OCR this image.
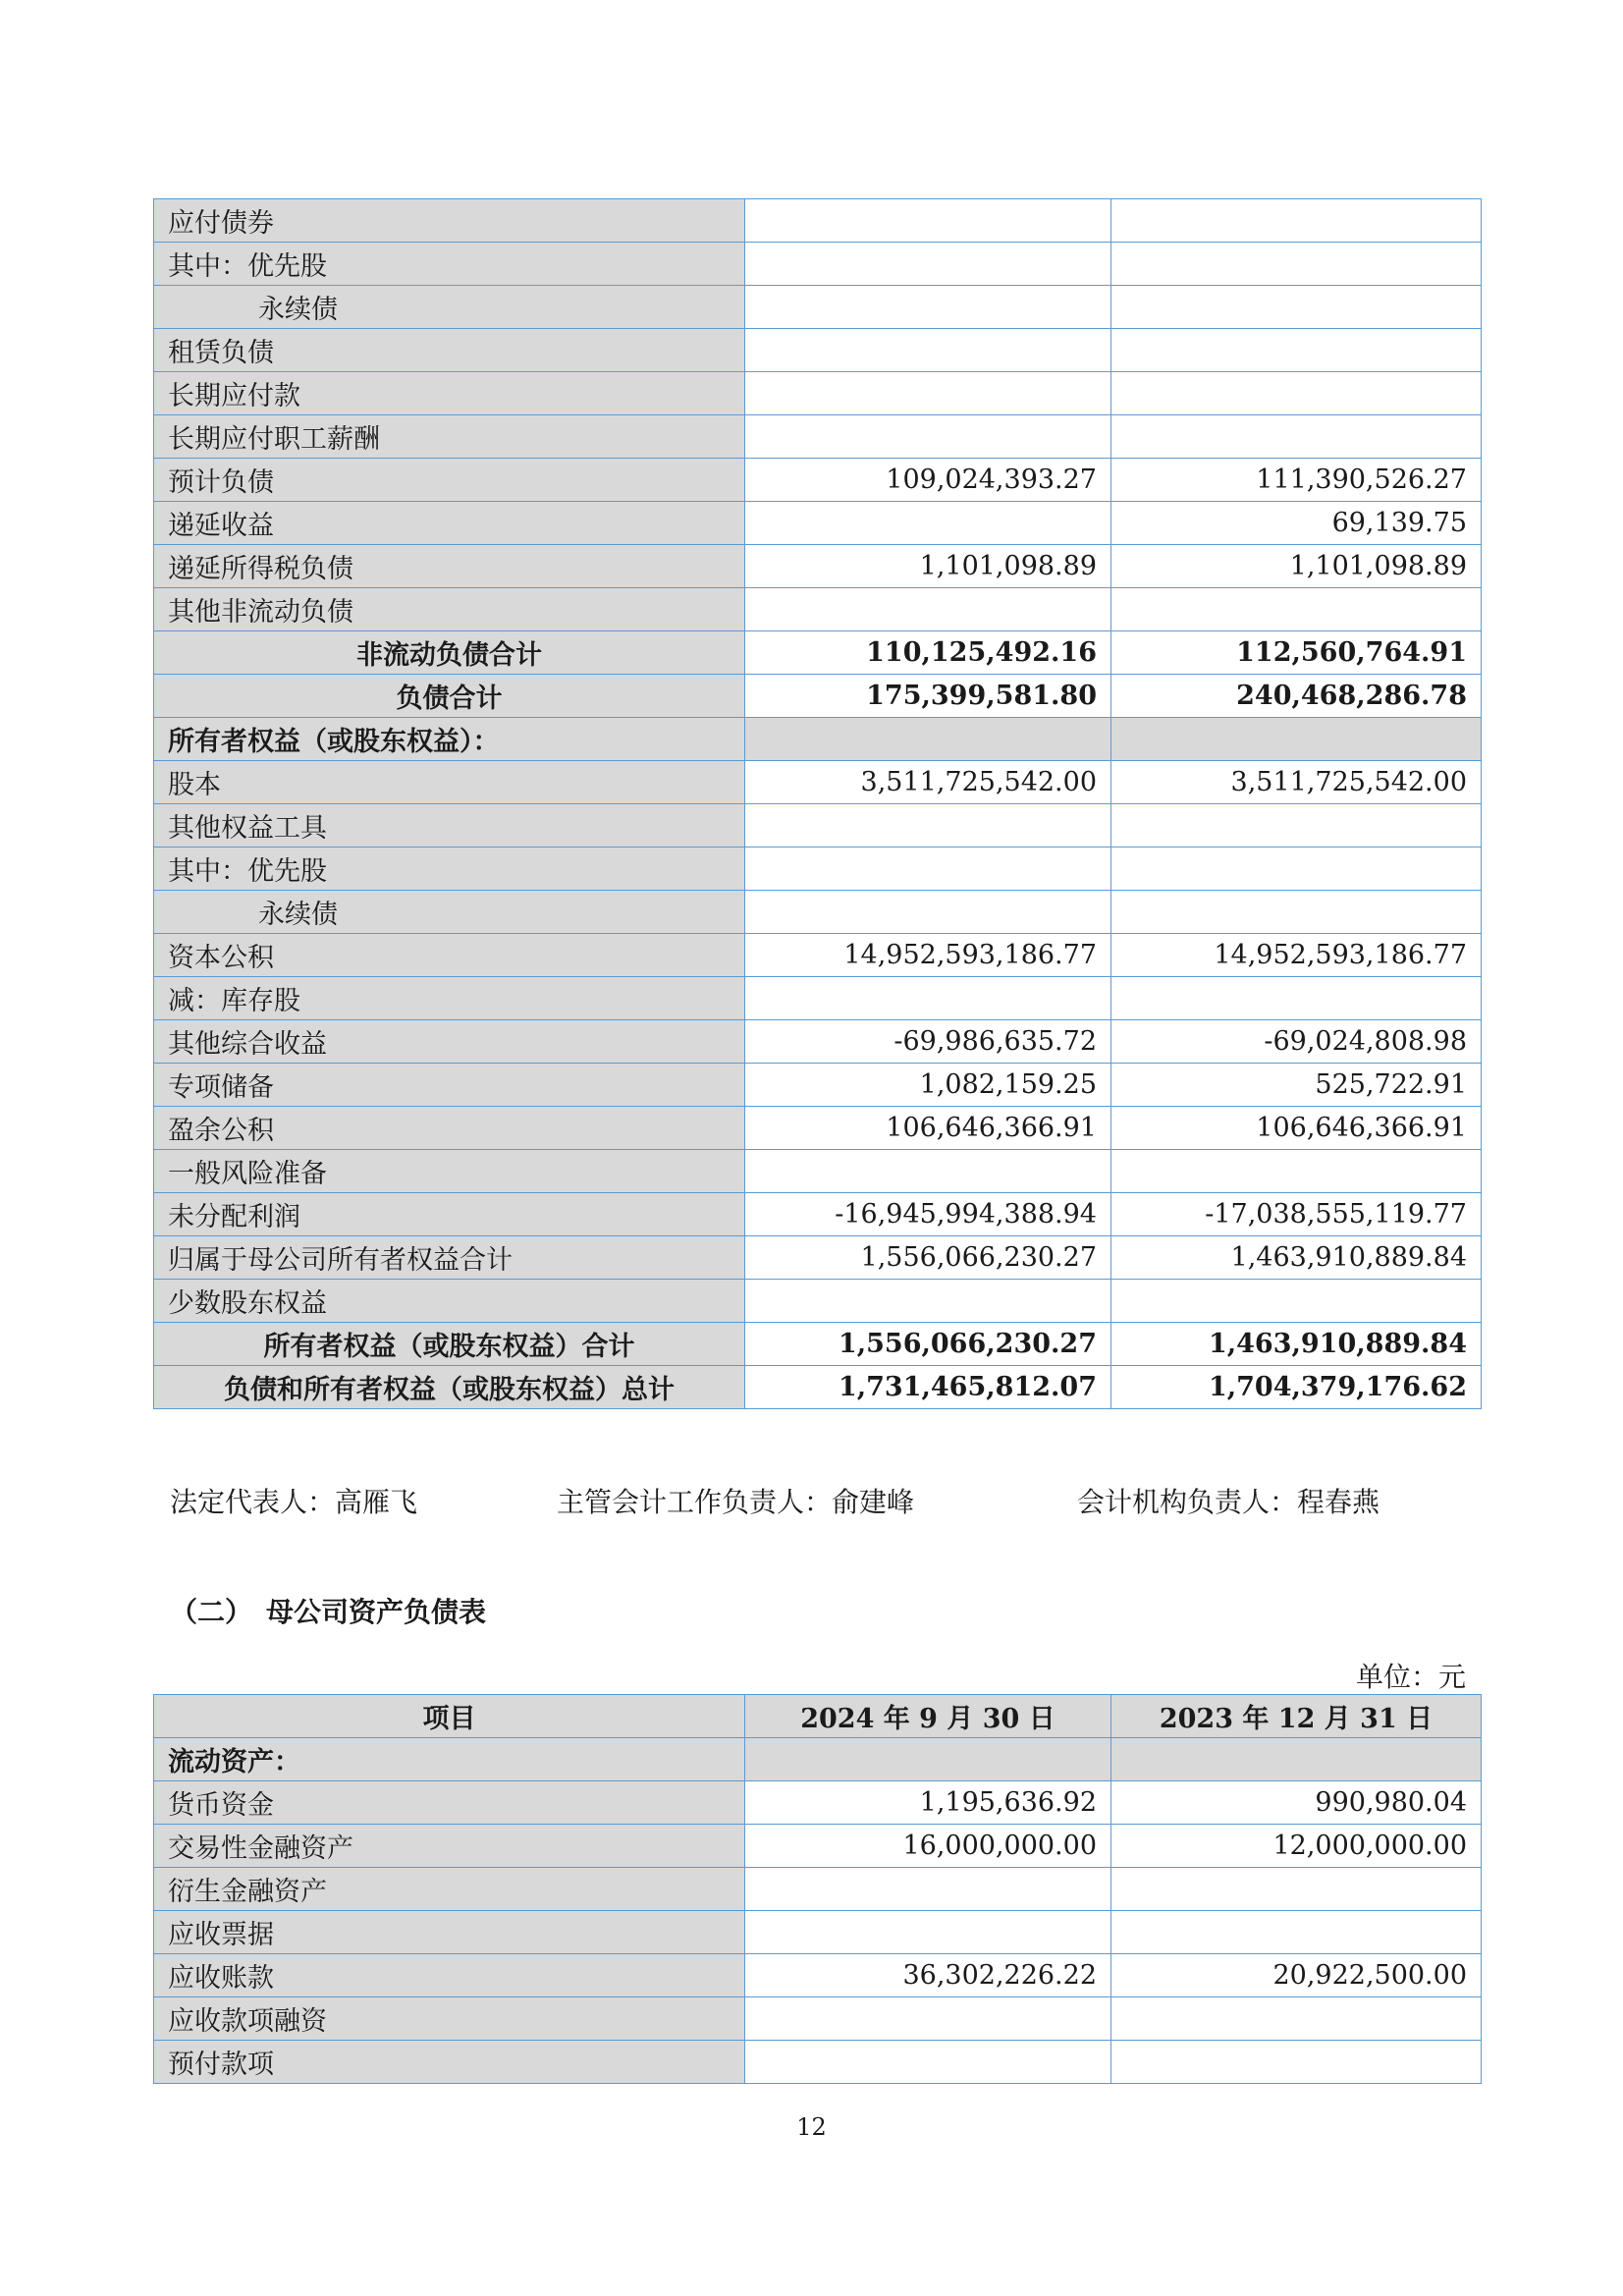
应付债券		
其中：优先股		
永续债		
租赁负债		
长期应付款		
长期应付职工薪酬		
预计负债	109,024,393.27	111,390,526.27
递延收益		69,139.75
递延所得税负债	1,101,098.89	1,101,098.89
其他非流动负债		
非流动负债合计	110,125,492.16	112,560,764.91
负债合计	175,399,581.80	240,468,286.78
所有者权益（或股东权益）：		
股本	3,511,725,542.00	3,511,725,542.00
其他权益工具		
其中：优先股		
永续债		
资本公积	14,952,593,186.77	14,952,593,186.77
减：库存股		
其他综合收益	-69,986,635.72	-69,024,808.98
专项储备	1,082,159.25	525,722.91
盈余公积	106,646,366.91	106,646,366.91
一般风险准备		
未分配利润	-16,945,994,388.94	-17,038,555,119.77
归属于母公司所有者权益合计	1,556,066,230.27	1,463,910,889.84
少数股东权益		
所有者权益（或股东权益）合计	1,556,066,230.27	1,463,910,889.84
负债和所有者权益（或股东权益）总计	1,731,465,812.07	1,704,379,176.62
法定代表人：高雁飞	主管会计工作负责人：俞建峰	会计机构负责人：程春燕
（二）　母公司资产负债表
单位：元
项目	2024 年 9 月 30 日	2023 年 12 月 31 日
流动资产：		
货币资金	1,195,636.92	990,980.04
交易性金融资产	16,000,000.00	12,000,000.00
衍生金融资产		
应收票据		
应收账款	36,302,226.22	20,922,500.00
应收款项融资		
预付款项		
12
